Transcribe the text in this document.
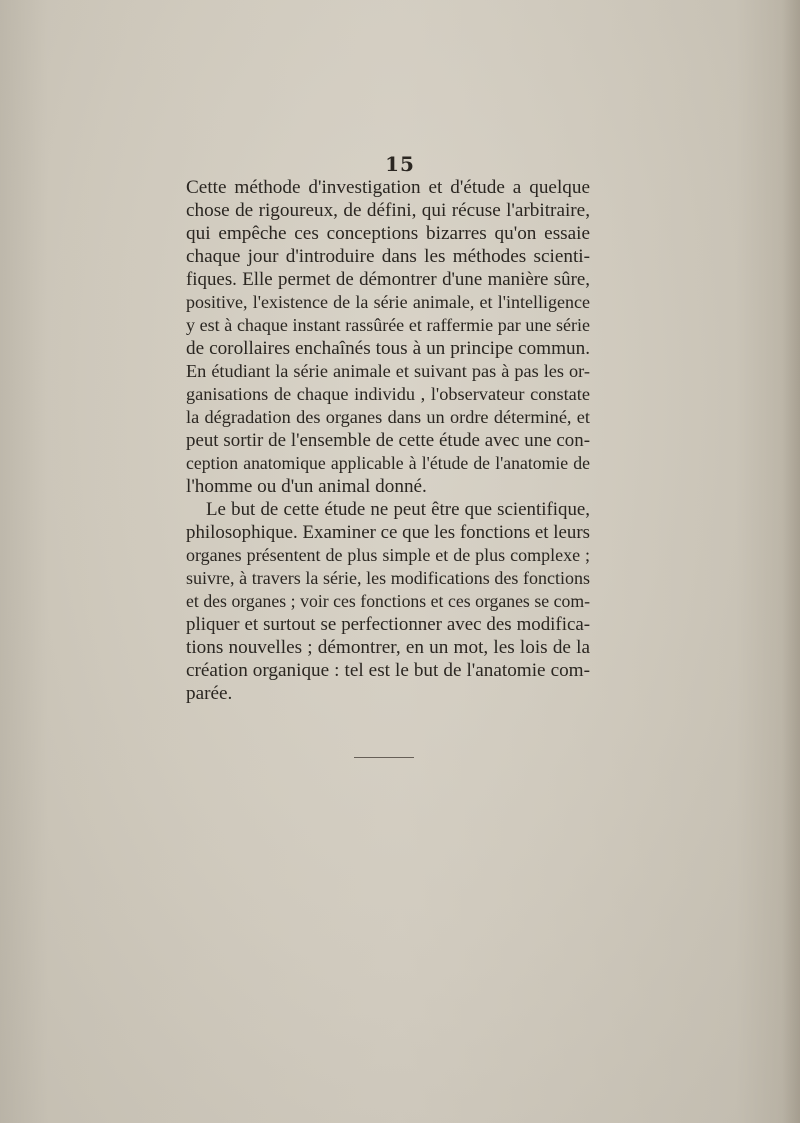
15

Cette méthode d'investigation et d'étude a quelque
chose de rigoureux, de défini, qui récuse l'arbitraire,
qui empêche ces conceptions bizarres qu'on essaie
chaque jour d'introduire dans les méthodes scienti-
fiques. Elle permet de démontrer d'une manière sûre,
positive, l'existence de la série animale, et l'intelligence
y est à chaque instant rassûrée et raffermie par une série
de corollaires enchaînés tous à un principe commun.
En étudiant la série animale et suivant pas à pas les or-
ganisations de chaque individu , l'observateur constate
la dégradation des organes dans un ordre déterminé, et
peut sortir de l'ensemble de cette étude avec une con-
ception anatomique applicable à l'étude de l'anatomie de
l'homme ou d'un animal donné.

Le but de cette étude ne peut être que scientifique,
philosophique. Examiner ce que les fonctions et leurs
organes présentent de plus simple et de plus complexe ;
suivre, à travers la série, les modifications des fonctions
et des organes ; voir ces fonctions et ces organes se com-
pliquer et surtout se perfectionner avec des modifica-
tions nouvelles ; démontrer, en un mot, les lois de la
création organique : tel est le but de l'anatomie com-
parée.
